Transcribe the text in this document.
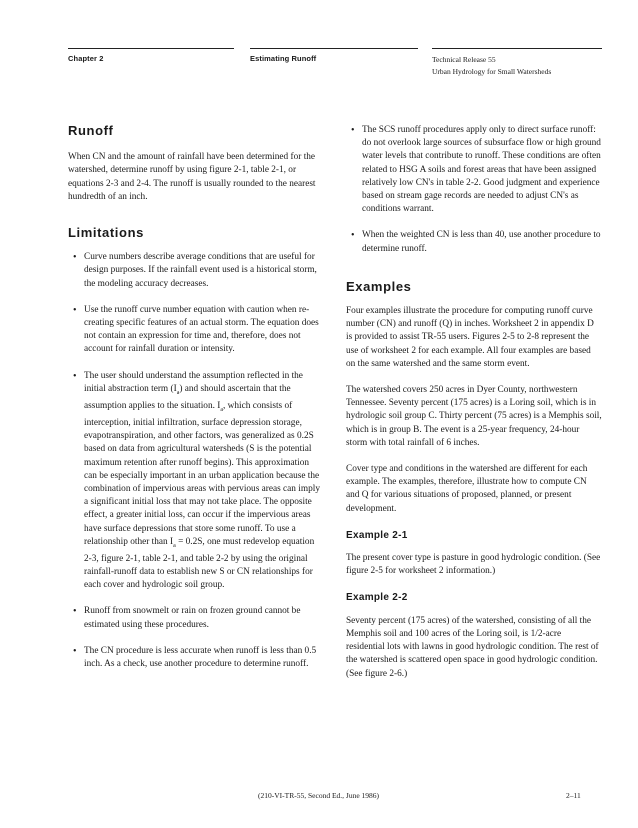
Chapter 2	Estimating Runoff	Technical Release 55
Urban Hydrology for Small Watersheds
Runoff

When CN and the amount of rainfall have been determined for the watershed, determine runoff by using figure 2-1, table 2-1, or equations 2-3 and 2-4. The runoff is usually rounded to the nearest hundredth of an inch.

Limitations
• Curve numbers describe average conditions that are useful for design purposes. If the rainfall event used is a historical storm, the modeling accuracy decreases.
• Use the runoff curve number equation with caution when re-creating specific features of an actual storm. The equation does not contain an expression for time and, therefore, does not account for rainfall duration or intensity.
• The user should understand the assumption reflected in the initial abstraction term $(I_a)$ and should ascertain that the assumption applies to the situation. $I_a$, which consists of interception, initial infiltration, surface depression storage, evapotranspiration, and other factors, was generalized as 0.2S based on data from agricultural watersheds (S is the potential maximum retention after runoff begins). This approximation can be especially important in an urban application because the combination of impervious areas with pervious areas can imply a significant initial loss that may not take place. The opposite effect, a greater initial loss, can occur if the impervious areas have surface depressions that store some runoff. To use a relationship other than $I_a = 0.2S$, one must redevelop equation 2-3, figure 2-1, table 2-1, and table 2-2 by using the original rainfall-runoff data to establish new S or CN relationships for each cover and hydrologic soil group.
• Runoff from snowmelt or rain on frozen ground cannot be estimated using these procedures.
• The CN procedure is less accurate when runoff is less than 0.5 inch. As a check, use another procedure to determine runoff.
• The SCS runoff procedures apply only to direct surface runoff: do not overlook large sources of subsurface flow or high ground water levels that contribute to runoff. These conditions are often related to HSG A soils and forest areas that have been assigned relatively low CN's in table 2-2. Good judgment and experience based on stream gage records are needed to adjust CN's as conditions warrant.
• When the weighted CN is less than 40, use another procedure to determine runoff.
Examples

Four examples illustrate the procedure for computing runoff curve number (CN) and runoff (Q) in inches. Worksheet 2 in appendix D is provided to assist TR-55 users. Figures 2-5 to 2-8 represent the use of worksheet 2 for each example. All four examples are based on the same watershed and the same storm event.

The watershed covers 250 acres in Dyer County, northwestern Tennessee. Seventy percent (175 acres) is a Loring soil, which is in hydrologic soil group C. Thirty percent (75 acres) is a Memphis soil, which is in group B. The event is a 25-year frequency, 24-hour storm with total rainfall of 6 inches.

Cover type and conditions in the watershed are different for each example. The examples, therefore, illustrate how to compute CN and Q for various situations of proposed, planned, or present development.

Example 2-1

The present cover type is pasture in good hydrologic condition. (See figure 2-5 for worksheet 2 information.)

Example 2-2

Seventy percent (175 acres) of the watershed, consisting of all the Memphis soil and 100 acres of the Loring soil, is 1/2-acre residential lots with lawns in good hydrologic condition. The rest of the watershed is scattered open space in good hydrologic condition. (See figure 2-6.)

(210-VI-TR-55, Second Ed., June 1986)	2–11
